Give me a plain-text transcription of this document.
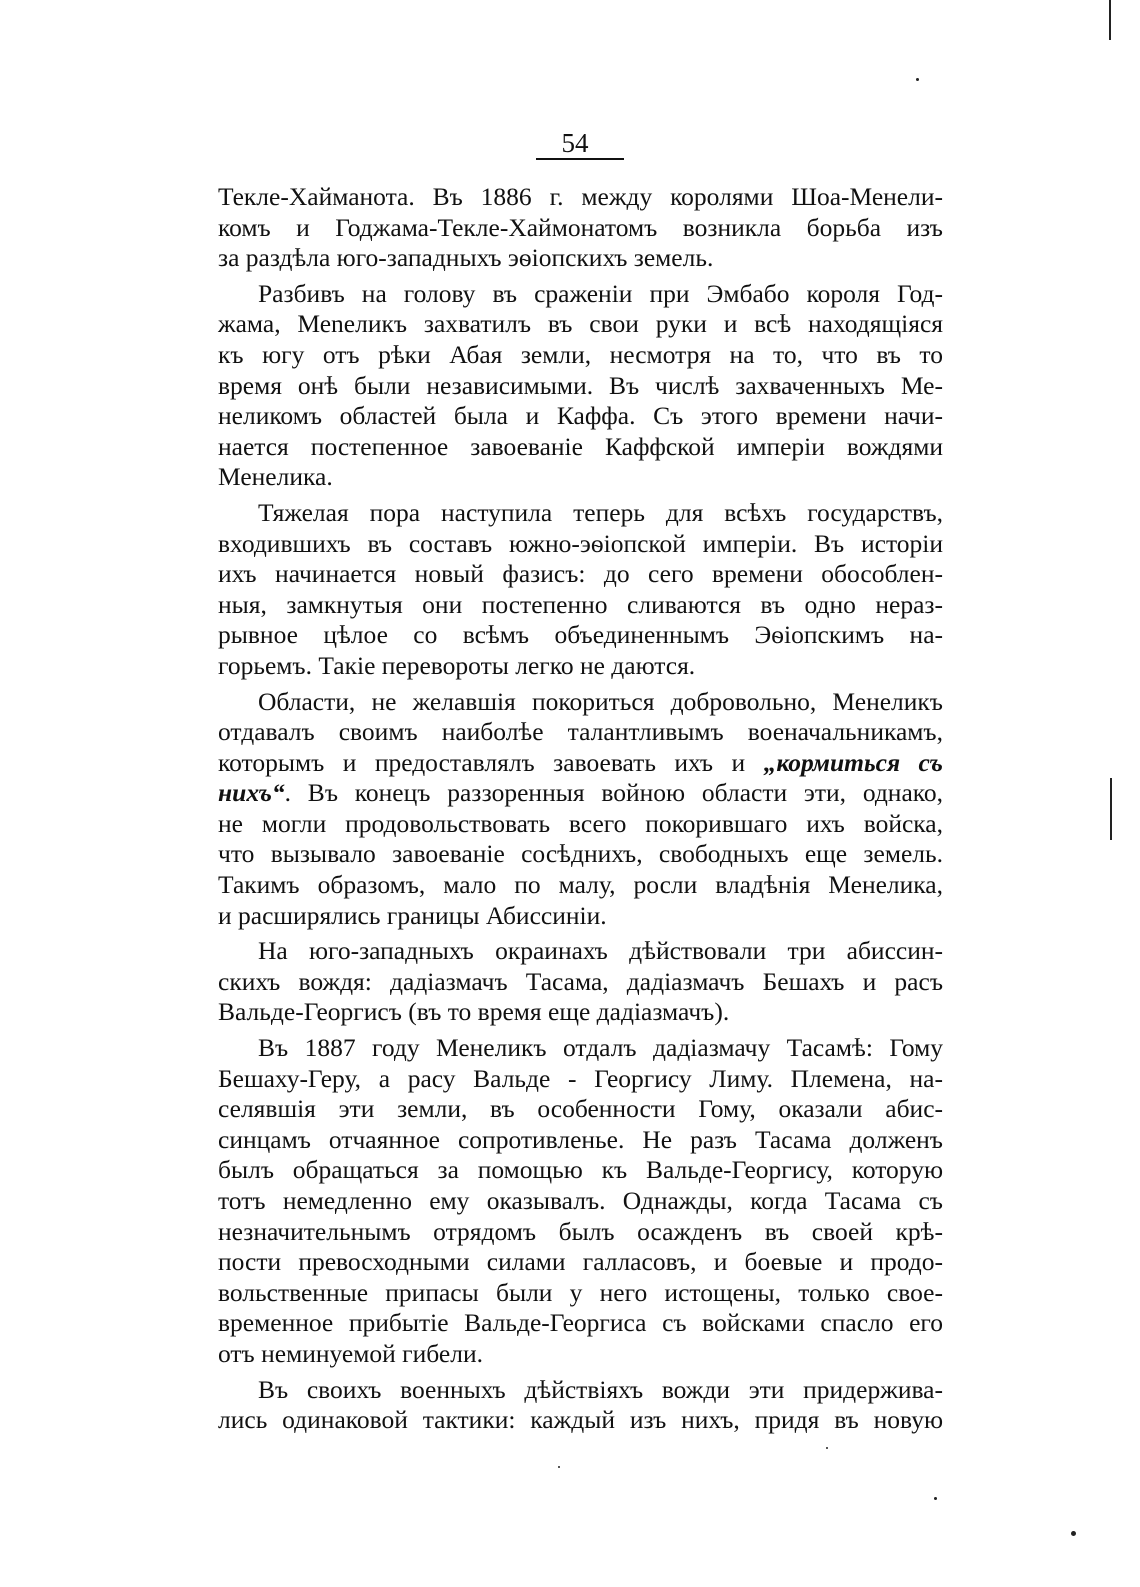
54
Текле-Хайманота. Въ 1886 г. между королями Шоа-Менели-
комъ и Годжама-Текле-Хаймонатомъ возникла борьба изъ
за раздѣла юго-западныхъ эѳіопскихъ земель.
Разбивъ на голову въ сраженіи при Эмбабо короля Год-
жама, Меneликъ захватилъ въ свои руки и всѣ находящіяся
къ югу отъ рѣки Абая земли, несмотря на то, что въ то
время онѣ были независимыми. Въ числѣ захваченныхъ Ме-
неликомъ областей была и Каффа. Съ этого времени начи-
нается постепенное завоеваніе Каффской имперіи вождями
Менелика.
Тяжелая пора наступила теперь для всѣхъ государствъ,
входившихъ въ составъ южно-эѳіопской имперіи. Въ исторіи
ихъ начинается новый фазисъ: до сего времени обособлен-
ныя, замкнутыя они постепенно сливаются въ одно нераз-
рывное цѣлое со всѣмъ объединеннымъ Эѳіопскимъ на-
горьемъ. Такіе перевороты легко не даются.
Области, не желавшія покориться добровольно, Менеликъ
отдавалъ своимъ наиболѣе талантливымъ военачальникамъ,
которымъ и предоставлялъ завоевать ихъ и „кормиться съ
нихъ“. Въ конецъ раззоренныя войною области эти, однако,
не могли продовольствовать всего покорившаго ихъ войска,
что вызывало завоеваніе сосѣднихъ, свободныхъ еще земель.
Такимъ образомъ, мало по малу, росли владѣнія Менелика,
и расширялись границы Абиссиніи.
На юго-западныхъ окраинахъ дѣйствовали три абиссин-
скихъ вождя: дадіазмачъ Тасама, дадіазмачъ Бешахъ и расъ
Вальде-Георгисъ (въ то время еще дадіазмачъ).
Въ 1887 году Менеликъ отдалъ дадіазмачу Тасамѣ: Гому
Бешаху-Геру, а расу Вальде - Георгису Лиму. Племена, на-
селявшія эти земли, въ особенности Гому, оказали абис-
синцамъ отчаянное сопротивленье. Не разъ Тасама долженъ
былъ обращаться за помощью къ Вальде-Георгису, которую
тотъ немедленно ему оказывалъ. Однажды, когда Тасама съ
незначительнымъ отрядомъ былъ осажденъ въ своей крѣ-
пости превосходными силами галласовъ, и боевые и продо-
вольственные припасы были у него истощены, только свое-
временное прибытіе Вальде-Георгиса съ войсками спасло его
отъ неминуемой гибели.
Въ своихъ военныхъ дѣйствіяхъ вожди эти придержива-
лись одинаковой тактики: каждый изъ нихъ, придя въ новую
